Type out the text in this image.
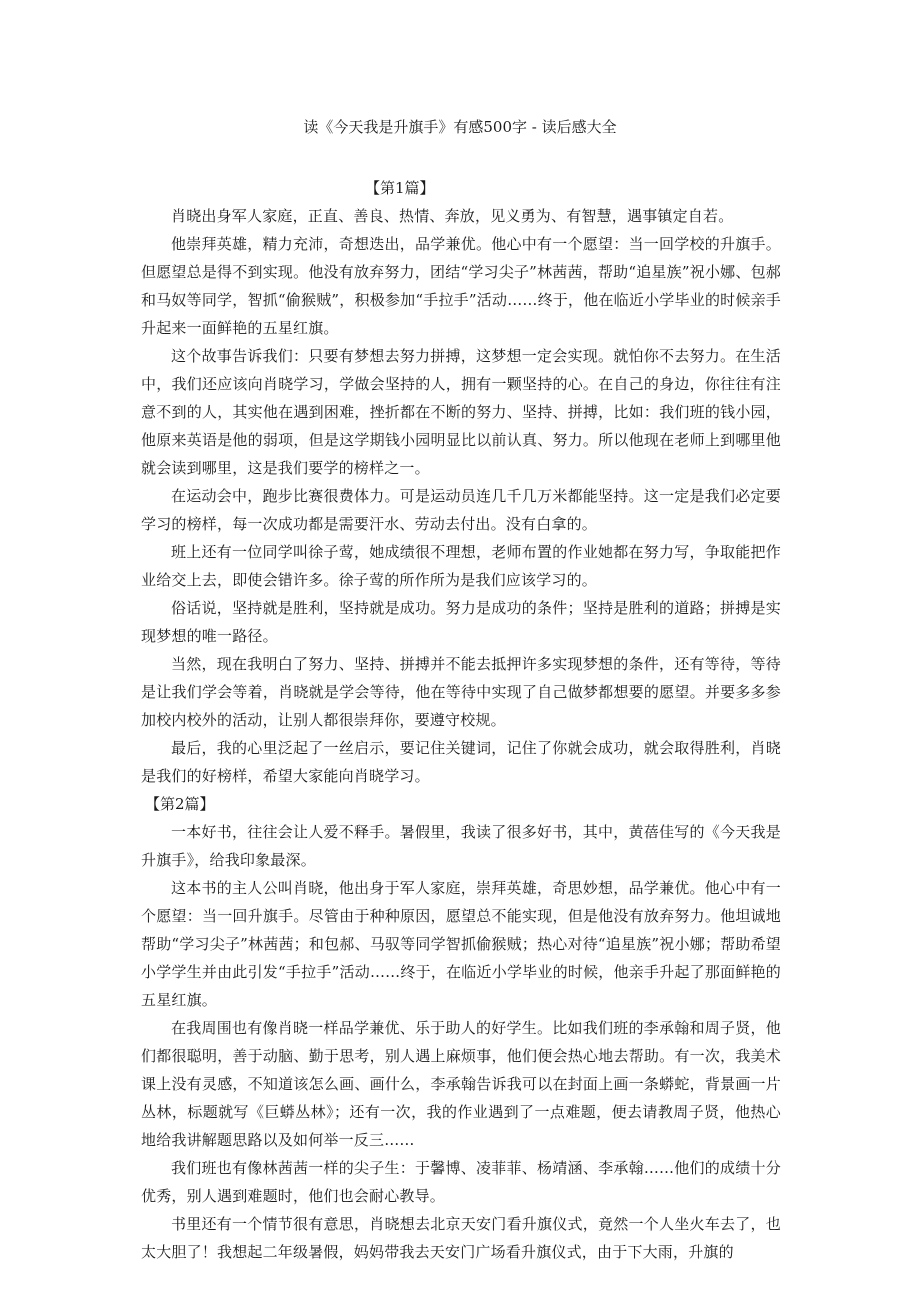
读《今天我是升旗手》有感500字 - 读后感大全
【第1篇】

肖晓出身军人家庭，正直、善良、热情、奔放，见义勇为、有智慧，遇事镇定自若。

他崇拜英雄，精力充沛，奇想迭出，品学兼优。他心中有一个愿望：当一回学校的升旗手。但愿望总是得不到实现。他没有放弃努力，团结“学习尖子”林茜茜，帮助“追星族”祝小娜、包郝和马奴等同学，智抓“偷猴贼”，积极参加“手拉手”活动……终于，他在临近小学毕业的时候亲手升起来一面鲜艳的五星红旗。

这个故事告诉我们：只要有梦想去努力拼搏，这梦想一定会实现。就怕你不去努力。在生活中，我们还应该向肖晓学习，学做会坚持的人，拥有一颗坚持的心。在自己的身边，你往往有注意不到的人，其实他在遇到困难，挫折都在不断的努力、坚持、拼搏，比如：我们班的钱小园，他原来英语是他的弱项，但是这学期钱小园明显比以前认真、努力。所以他现在老师上到哪里他就会读到哪里，这是我们要学的榜样之一。

在运动会中，跑步比赛很费体力。可是运动员连几千几万米都能坚持。这一定是我们必定要学习的榜样，每一次成功都是需要汗水、劳动去付出。没有白拿的。

班上还有一位同学叫徐子莺，她成绩很不理想，老师布置的作业她都在努力写，争取能把作业给交上去，即使会错许多。徐子莺的所作所为是我们应该学习的。

俗话说，坚持就是胜利，坚持就是成功。努力是成功的条件；坚持是胜利的道路；拼搏是实现梦想的唯一路径。

当然，现在我明白了努力、坚持、拼搏并不能去抵押许多实现梦想的条件，还有等待，等待是让我们学会等着，肖晓就是学会等待，他在等待中实现了自己做梦都想要的愿望。并要多多参加校内校外的活动，让别人都很崇拜你，要遵守校规。

最后，我的心里泛起了一丝启示，要记住关键词，记住了你就会成功，就会取得胜利，肖晓是我们的好榜样，希望大家能向肖晓学习。

【第2篇】

一本好书，往往会让人爱不释手。暑假里，我读了很多好书，其中，黄蓓佳写的《今天我是升旗手》，给我印象最深。

这本书的主人公叫肖晓，他出身于军人家庭，崇拜英雄，奇思妙想，品学兼优。他心中有一个愿望：当一回升旗手。尽管由于种种原因，愿望总不能实现，但是他没有放弃努力。他坦诚地帮助“学习尖子”林茜茜；和包郝、马驭等同学智抓偷猴贼；热心对待“追星族”祝小娜；帮助希望小学学生并由此引发“手拉手”活动……终于，在临近小学毕业的时候，他亲手升起了那面鲜艳的五星红旗。

在我周围也有像肖晓一样品学兼优、乐于助人的好学生。比如我们班的李承翰和周子贤，他们都很聪明，善于动脑、勤于思考，别人遇上麻烦事，他们便会热心地去帮助。有一次，我美术课上没有灵感，不知道该怎么画、画什么，李承翰告诉我可以在封面上画一条蟒蛇，背景画一片丛林，标题就写《巨蟒丛林》；还有一次，我的作业遇到了一点难题，便去请教周子贤，他热心地给我讲解题思路以及如何举一反三……

我们班也有像林茜茜一样的尖子生：于馨博、凌菲菲、杨靖涵、李承翰……他们的成绩十分优秀，别人遇到难题时，他们也会耐心教导。

书里还有一个情节很有意思，肖晓想去北京天安门看升旗仪式，竟然一个人坐火车去了，也太大胆了！我想起二年级暑假，妈妈带我去天安门广场看升旗仪式，由于下大雨，升旗的
